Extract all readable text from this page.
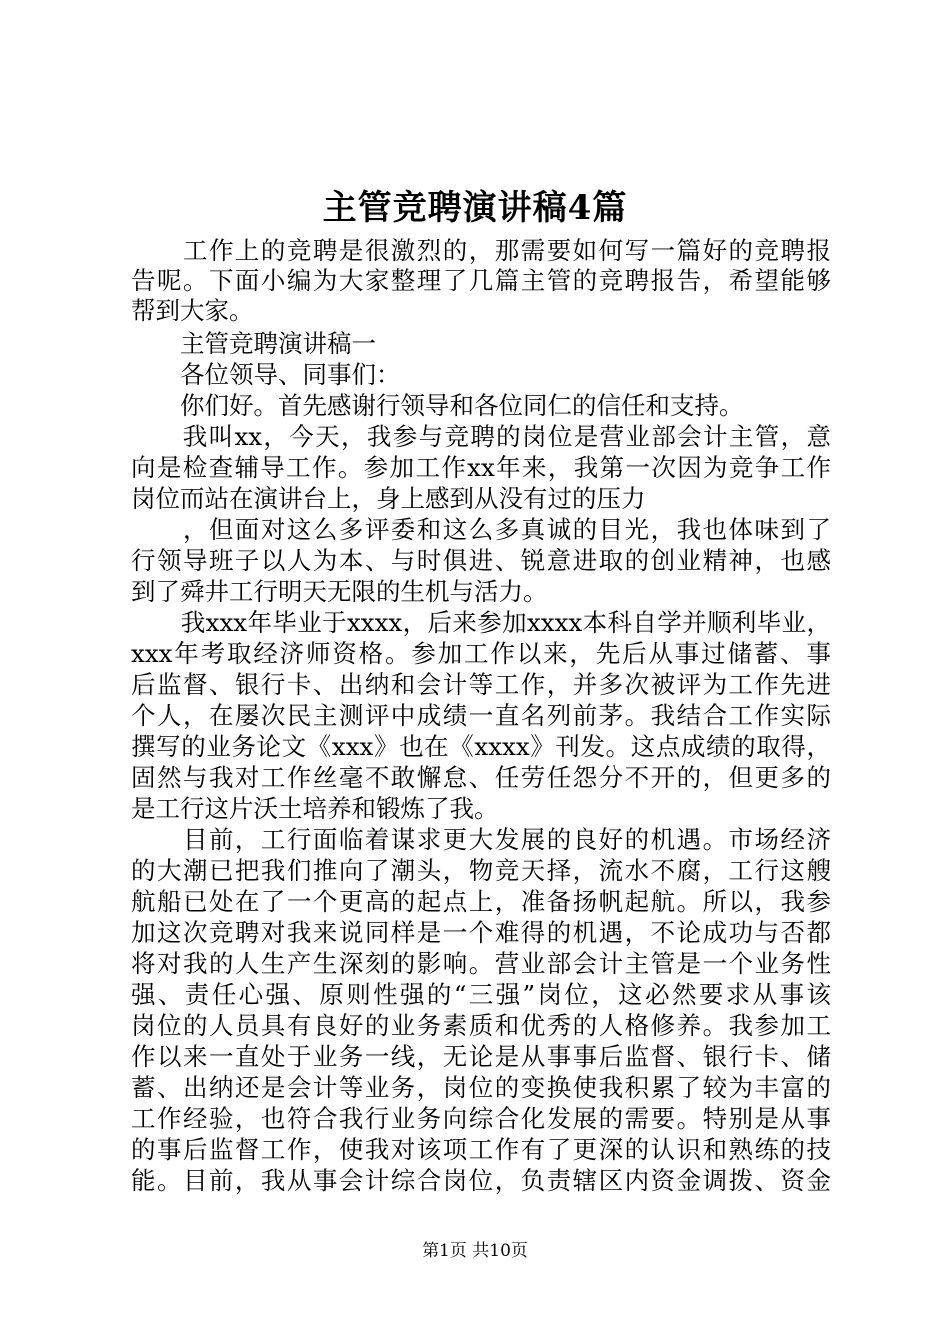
主管竞聘演讲稿4篇
　　工作上的竞聘是很激烈的，那需要如何写一篇好的竞聘报
告呢。下面小编为大家整理了几篇主管的竞聘报告，希望能够
帮到大家。
　　主管竞聘演讲稿一
　　各位领导、同事们：
　　你们好。首先感谢行领导和各位同仁的信任和支持。
　　我叫xx，今天，我参与竞聘的岗位是营业部会计主管，意
向是检查辅导工作。参加工作xx年来，我第一次因为竞争工作
岗位而站在演讲台上，身上感到从没有过的压力
　　，但面对这么多评委和这么多真诚的目光，我也体味到了
行领导班子以人为本、与时俱进、锐意进取的创业精神，也感
到了舜井工行明天无限的生机与活力。
　　我xxx年毕业于xxxx，后来参加xxxx本科自学并顺利毕业，
xxx年考取经济师资格。参加工作以来，先后从事过储蓄、事
后监督、银行卡、出纳和会计等工作，并多次被评为工作先进
个人，在屡次民主测评中成绩一直名列前茅。我结合工作实际
撰写的业务论文《xxx》也在《xxxx》刊发。这点成绩的取得，
固然与我对工作丝毫不敢懈怠、任劳任怨分不开的，但更多的
是工行这片沃土培养和锻炼了我。
　　目前，工行面临着谋求更大发展的良好的机遇。市场经济
的大潮已把我们推向了潮头，物竞天择，流水不腐，工行这艘
航船已处在了一个更高的起点上，准备扬帆起航。所以，我参
加这次竞聘对我来说同样是一个难得的机遇，不论成功与否都
将对我的人生产生深刻的影响。营业部会计主管是一个业务性
强、责任心强、原则性强的“三强”岗位，这必然要求从事该
岗位的人员具有良好的业务素质和优秀的人格修养。我参加工
作以来一直处于业务一线，无论是从事事后监督、银行卡、储
蓄、出纳还是会计等业务，岗位的变换使我积累了较为丰富的
工作经验，也符合我行业务向综合化发展的需要。特别是从事
的事后监督工作，使我对该项工作有了更深的认识和熟练的技
能。目前，我从事会计综合岗位，负责辖区内资金调拨、资金
第1页 共10页
